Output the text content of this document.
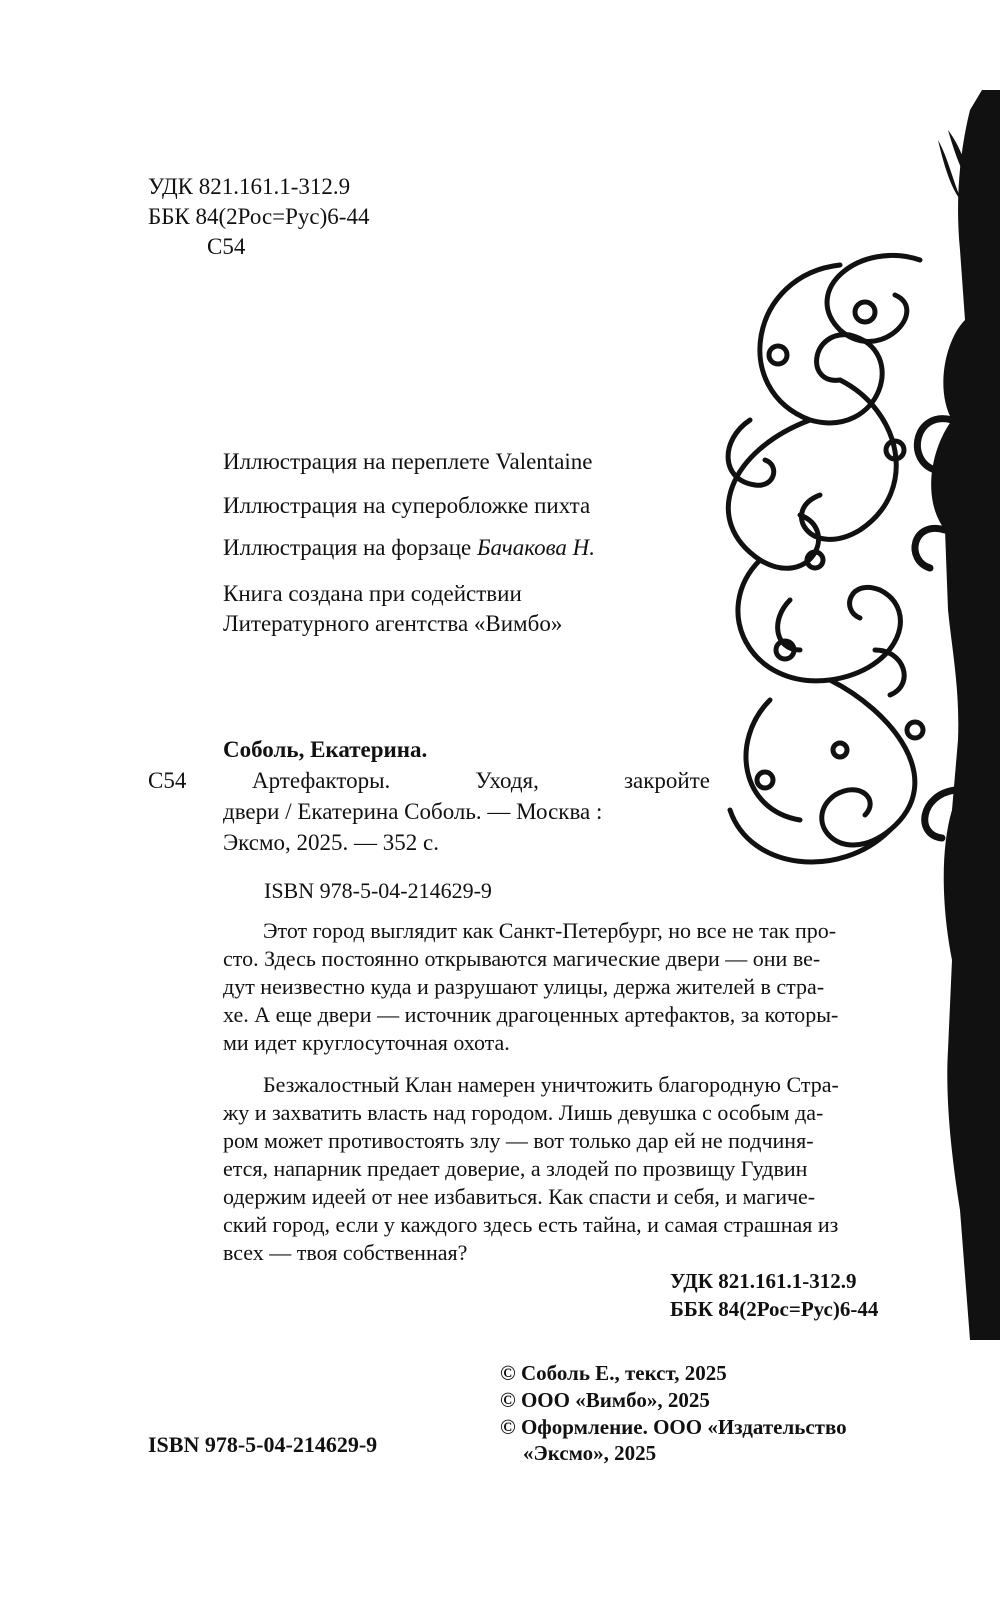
УДК 821.161.1-312.9
ББК 84(2Рос=Рус)6-44
С54
Иллюстрация на переплете Valentaine
Иллюстрация на суперобложке пихта
Иллюстрация на форзаце Бачакова Н.
Книга создана при содействии
Литературного агентства «Вимбо»
Соболь, Екатерина.
С54	Артефакторы. Уходя, закройте
двери / Екатерина Соболь. — Москва :
Эксмо, 2025. — 352 с.
ISBN 978-5-04-214629-9
Этот город выглядит как Санкт-Петербург, но все не так про-
сто. Здесь постоянно открываются магические двери — они ве-
дут неизвестно куда и разрушают улицы, держа жителей в стра-
хе. А еще двери — источник драгоценных артефактов, за которы-
ми идет круглосуточная охота.
Безжалостный Клан намерен уничтожить благородную Стра-
жу и захватить власть над городом. Лишь девушка с особым да-
ром может противостоять злу — вот только дар ей не подчиня-
ется, напарник предает доверие, а злодей по прозвищу Гудвин
одержим идеей от нее избавиться. Как спасти и себя, и магиче-
ский город, если у каждого здесь есть тайна, и самая страшная из
всех — твоя собственная?
УДК 821.161.1-312.9
ББК 84(2Рос=Рус)6-44
© Соболь Е., текст, 2025
© ООО «Вимбо», 2025
© Оформление. ООО «Издательство
«Эксмо», 2025
ISBN 978-5-04-214629-9
